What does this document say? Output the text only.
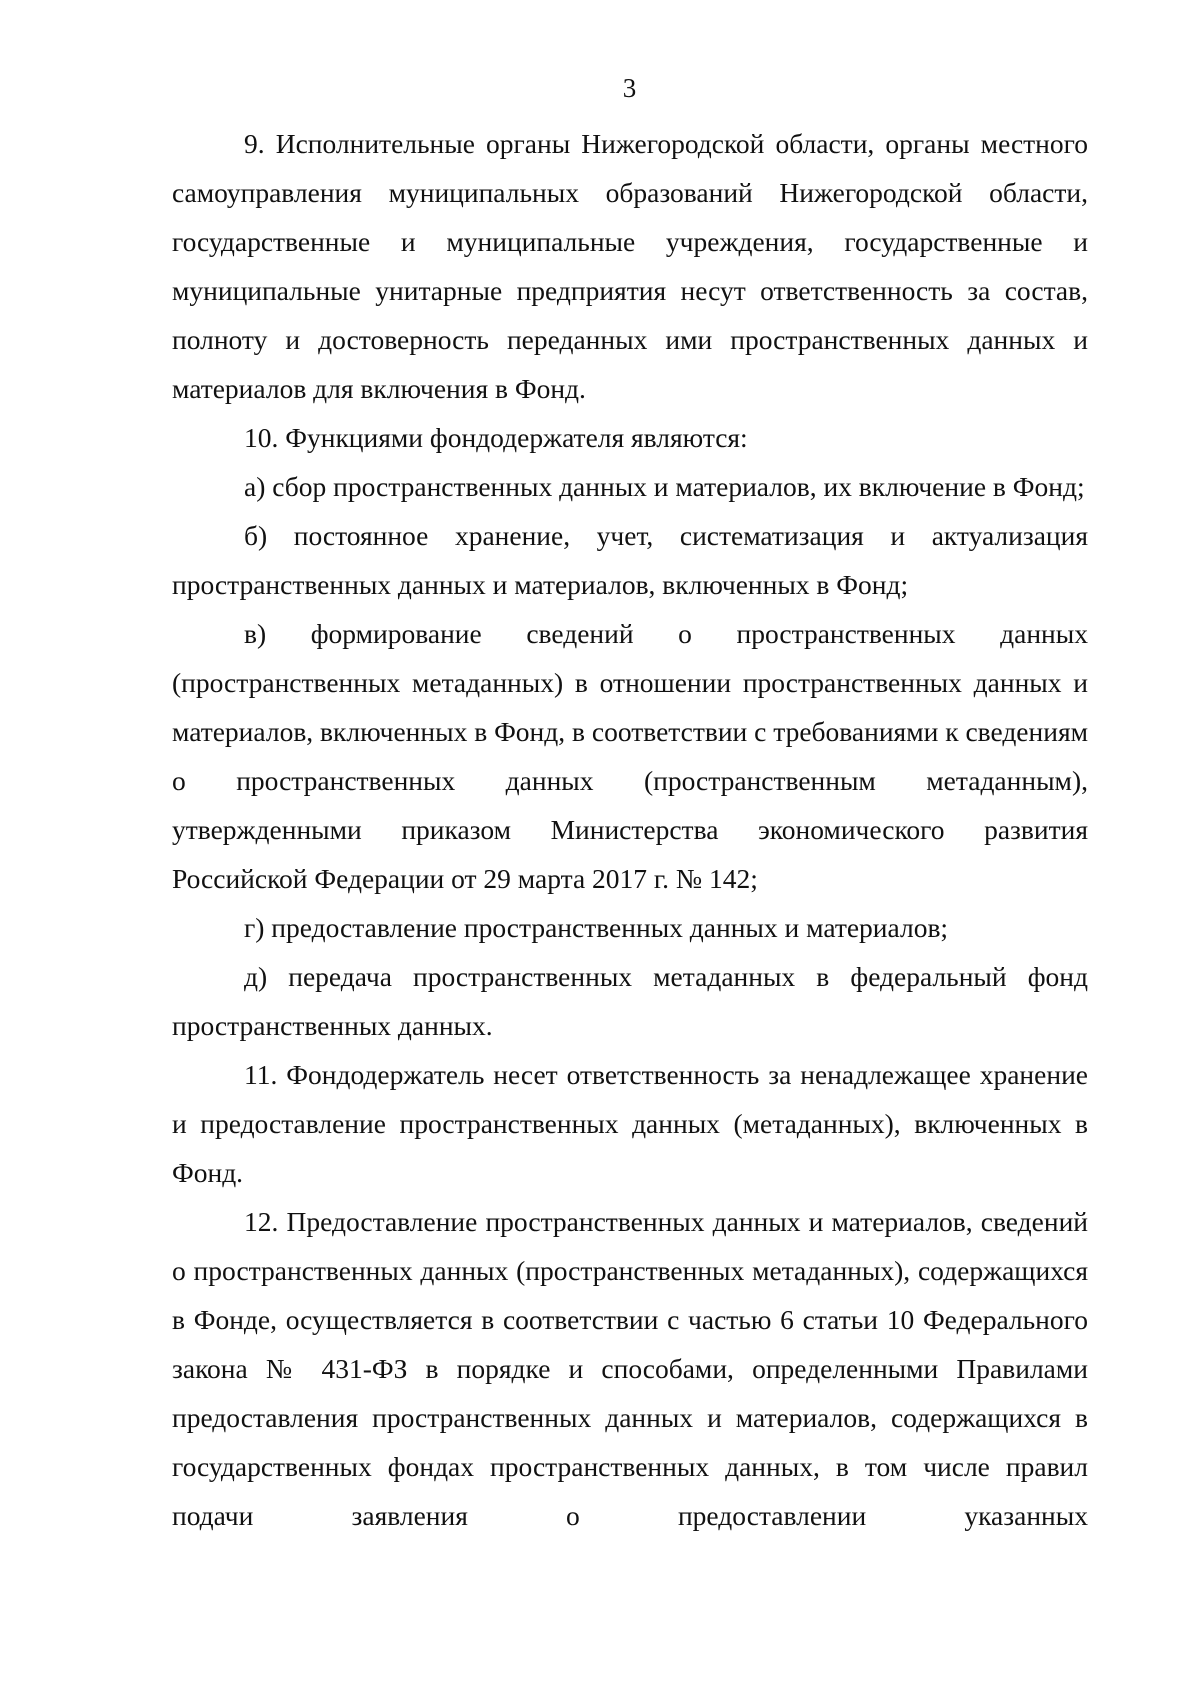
3

9. Исполнительные органы Нижегородской области, органы местного самоуправления муниципальных образований Нижегородской области, государственные и муниципальные учреждения, государственные и муниципальные унитарные предприятия несут ответственность за состав, полноту и достоверность переданных ими пространственных данных и материалов для включения в Фонд.

10. Функциями фондодержателя являются:

а) сбор пространственных данных и материалов, их включение в Фонд;

б) постоянное хранение, учет, систематизация и актуализация пространственных данных и материалов, включенных в Фонд;

в) формирование сведений о пространственных данных (пространственных метаданных) в отношении пространственных данных и материалов, включенных в Фонд, в соответствии с требованиями к сведениям о пространственных данных (пространственным метаданным), утвержденными приказом Министерства экономического развития Российской Федерации от 29 марта 2017 г. № 142;

г) предоставление пространственных данных и материалов;

д) передача пространственных метаданных в федеральный фонд пространственных данных.

11. Фондодержатель несет ответственность за ненадлежащее хранение и предоставление пространственных данных (метаданных), включенных в Фонд.

12. Предоставление пространственных данных и материалов, сведений о пространственных данных (пространственных метаданных), содержащихся в Фонде, осуществляется в соответствии с частью 6 статьи 10 Федерального закона № 431-ФЗ в порядке и способами, определенными Правилами предоставления пространственных данных и материалов, содержащихся в государственных фондах пространственных данных, в том числе правил подачи заявления о предоставлении указанных
